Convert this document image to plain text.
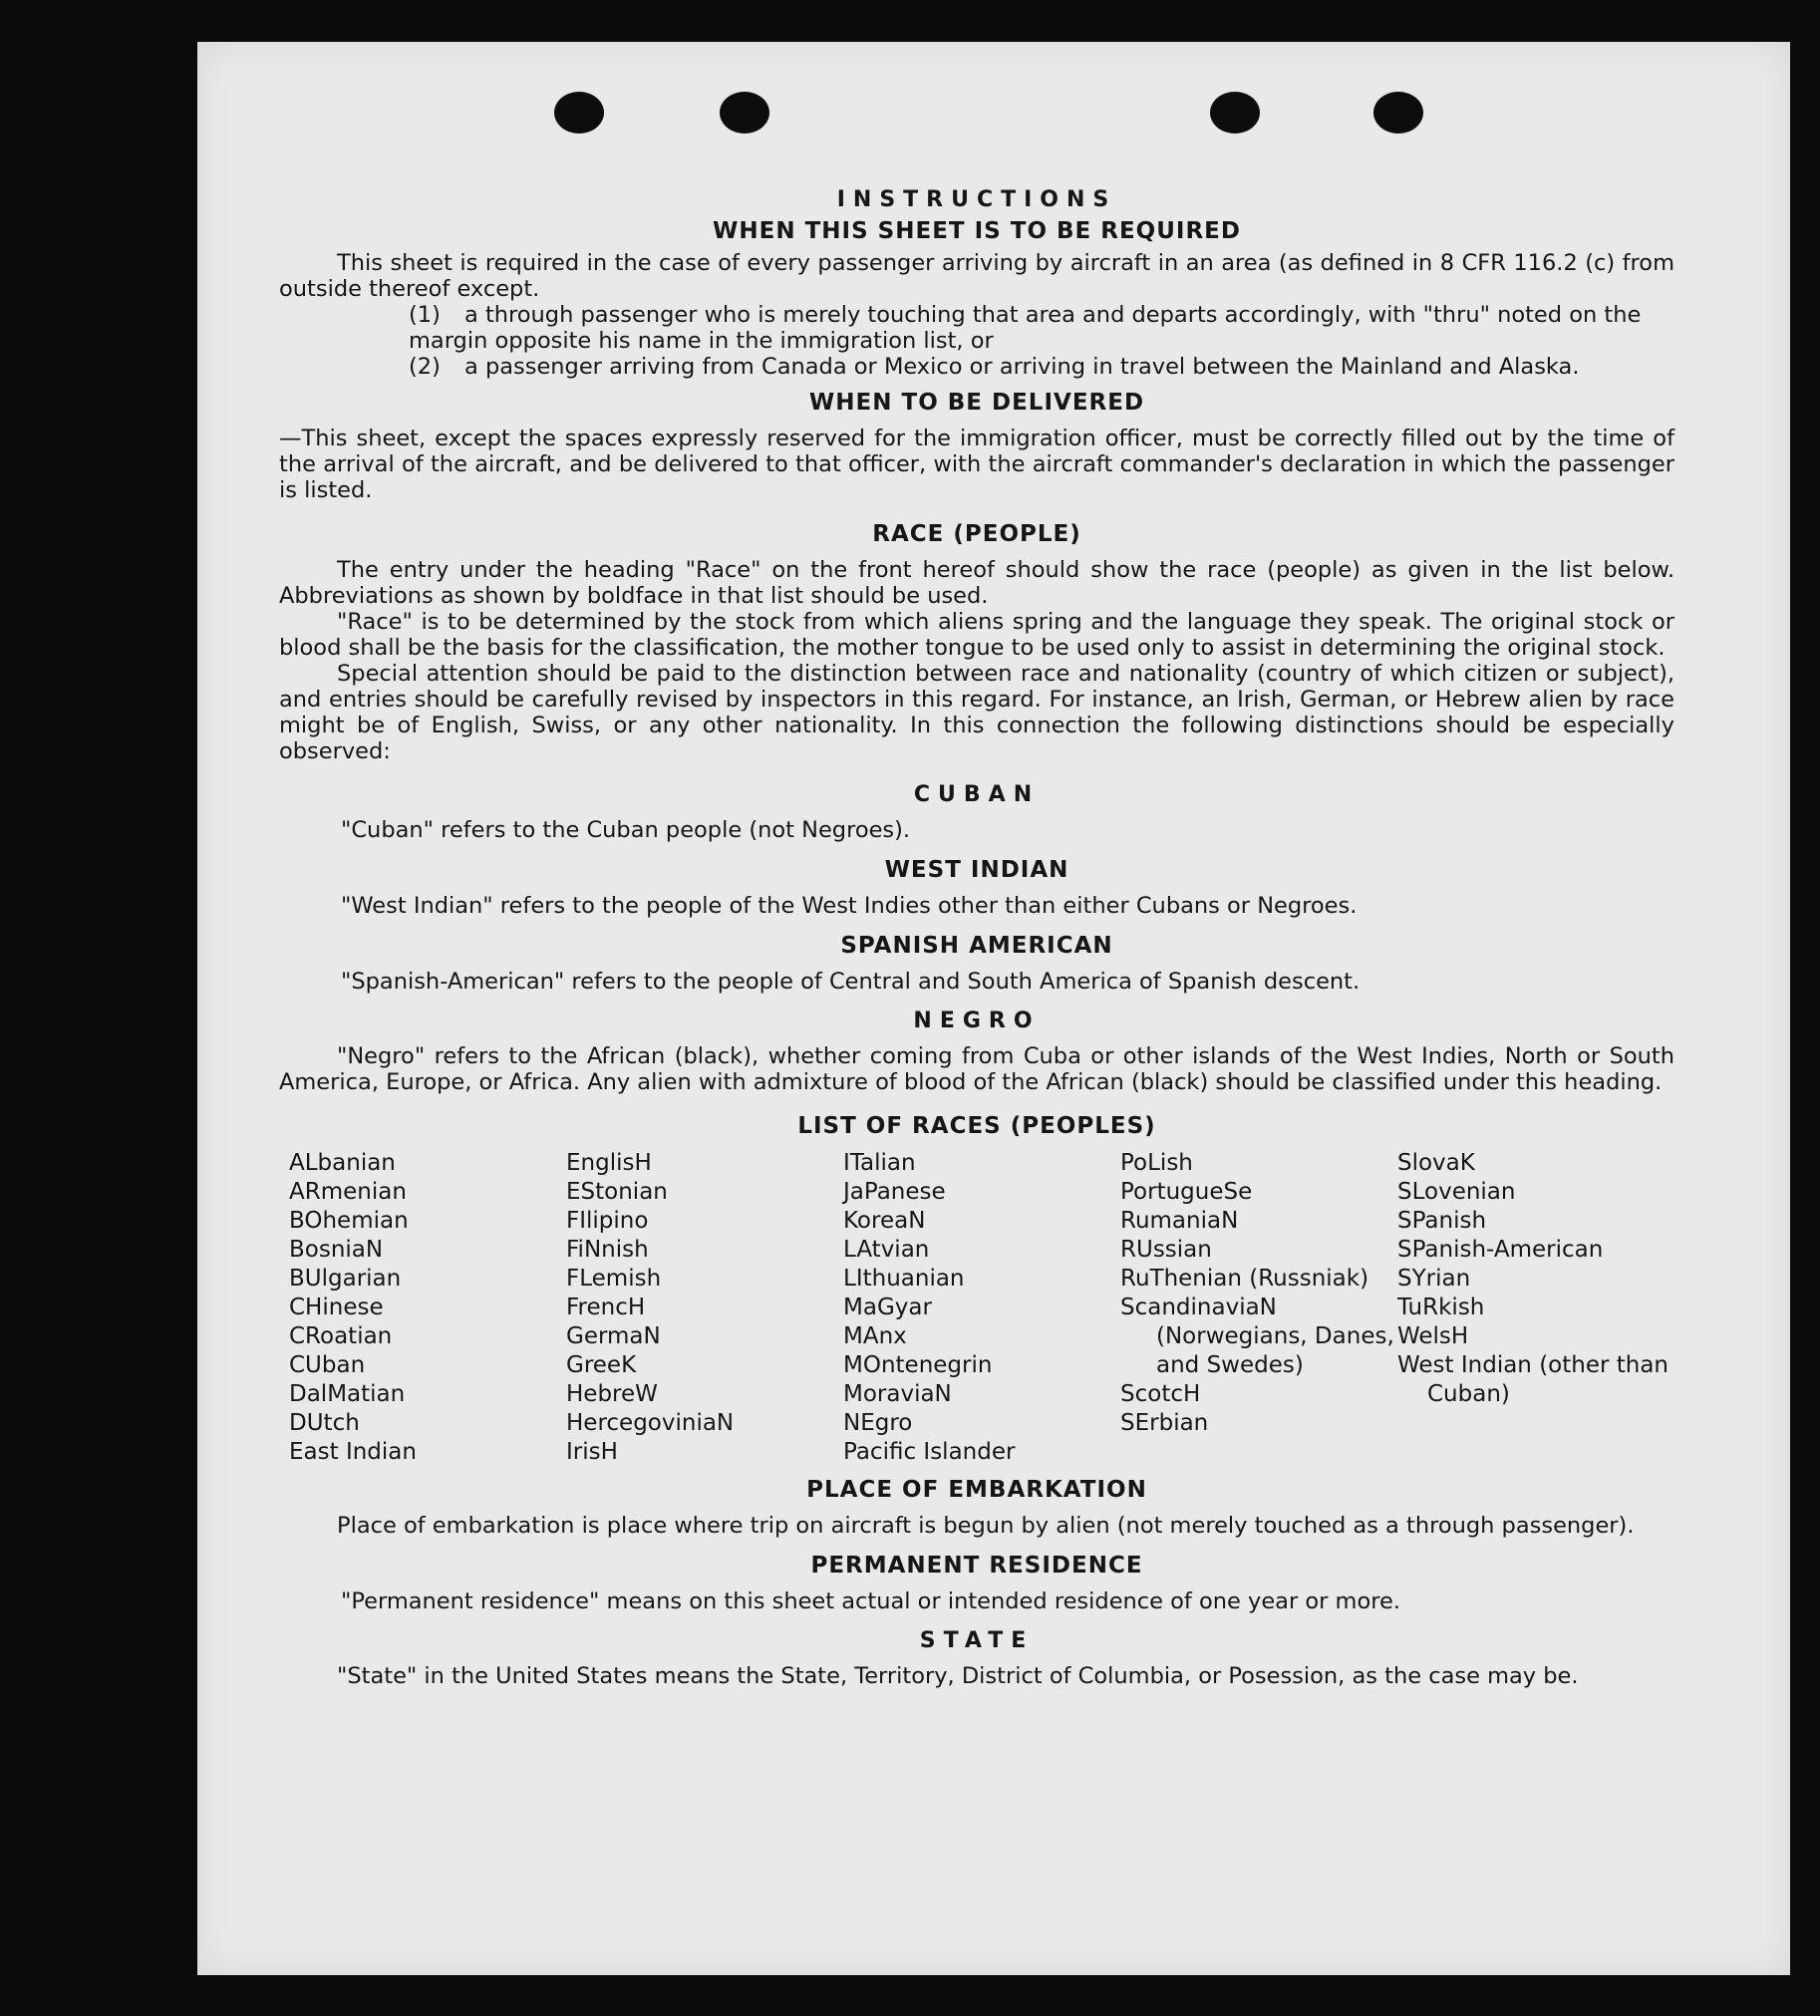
INSTRUCTIONS
WHEN THIS SHEET IS TO BE REQUIRED

This sheet is required in the case of every passenger arriving by aircraft in an area (as defined in 8 CFR 116.2 (c) from outside thereof except.

(1) a through passenger who is merely touching that area and departs accordingly, with "thru" noted on the margin opposite his name in the immigration list, or
(2) a passenger arriving from Canada or Mexico or arriving in travel between the Mainland and Alaska.
WHEN TO BE DELIVERED

—This sheet, except the spaces expressly reserved for the immigration officer, must be correctly filled out by the time of the arrival of the aircraft, and be delivered to that officer, with the aircraft commander's declaration in which the passenger is listed.

RACE (PEOPLE)

The entry under the heading "Race" on the front hereof should show the race (people) as given in the list below. Abbreviations as shown by boldface in that list should be used.

"Race" is to be determined by the stock from which aliens spring and the language they speak. The original stock or blood shall be the basis for the classification, the mother tongue to be used only to assist in determining the original stock.

Special attention should be paid to the distinction between race and nationality (country of which citizen or subject), and entries should be carefully revised by inspectors in this regard. For instance, an Irish, German, or Hebrew alien by race might be of English, Swiss, or any other nationality. In this connection the following distinctions should be especially observed:

CUBAN

"Cuban" refers to the Cuban people (not Negroes).

WEST INDIAN

"West Indian" refers to the people of the West Indies other than either Cubans or Negroes.

SPANISH AMERICAN

"Spanish-American" refers to the people of Central and South America of Spanish descent.

NEGRO

"Negro" refers to the African (black), whether coming from Cuba or other islands of the West Indies, North or South America, Europe, or Africa. Any alien with admixture of blood of the African (black) should be classified under this heading.

LIST OF RACES (PEOPLES)
ALbanian
ARmenian
BOhemian
BosniaN
BUlgarian
CHinese
CRoatian
CUban
DalMatian
DUtch
East Indian
EnglisH
EStonian
FIlipino
FiNnish
FLemish
FrencH
GermaN
GreeK
HebreW
HercegoviniaN
IrisH
ITalian
JaPanese
KoreaN
LAtvian
LIthuanian
MaGyar
MAnx
MOntenegrin
MoraviaN
NEgro
Pacific Islander
PoLish
PortugueSe
RumaniaN
RUssian
RuThenian (Russniak)
ScandinaviaN
(Norwegians, Danes, and Swedes)
ScotcH
SErbian
SlovaK
SLovenian
SPanish
SPanish-American
SYrian
TuRkish
WelsH
West Indian (other than Cuban)
PLACE OF EMBARKATION

Place of embarkation is place where trip on aircraft is begun by alien (not merely touched as a through passenger).

PERMANENT RESIDENCE

"Permanent residence" means on this sheet actual or intended residence of one year or more.

STATE

"State" in the United States means the State, Territory, District of Columbia, or Posession, as the case may be.
